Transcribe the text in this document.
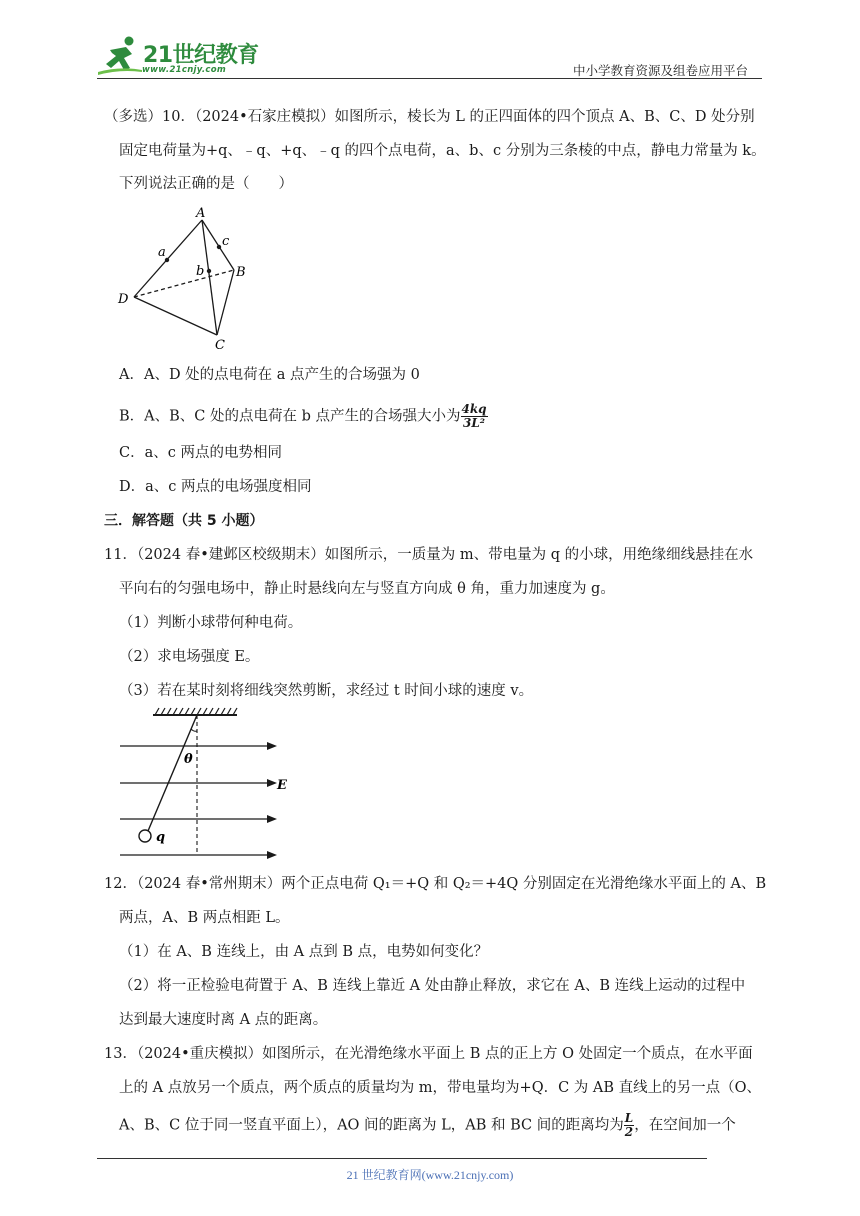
21世纪教育
www.21cnjy.com	中小学教育资源及组卷应用平台
（多选）10．（2024•石家庄模拟）如图所示，棱长为 L 的正四面体的四个顶点 A、B、C、D 处分别
固定电荷量为+q、﹣q、+q、﹣q 的四个点电荷，a、b、c 分别为三条棱的中点，静电力常量为 k。
下列说法正确的是（　　）
A
B
C
D
a
b
c
A．A、D 处的点电荷在 a 点产生的合场强为 0
B．A、B、C 处的点电荷在 b 点产生的合场强大小为 $\frac{4kq}{\text{3L²}}$
C．a、c 两点的电势相同
D．a、c 两点的电场强度相同
三．解答题（共 5 小题）
11．（2024 春•建邺区校级期末）如图所示，一质量为 m、带电量为 q 的小球，用绝缘细线悬挂在水
平向右的匀强电场中，静止时悬线向左与竖直方向成 θ 角，重力加速度为 g。
（1）判断小球带何种电荷。
（2）求电场强度 E。
（3）若在某时刻将细线突然剪断，求经过 t 时间小球的速度 v。
θ
E
q
12．（2024 春•常州期末）两个正点电荷 Q₁＝+Q 和 Q₂＝+4Q 分别固定在光滑绝缘水平面上的 A、B
两点，A、B 两点相距 L。
（1）在 A、B 连线上，由 A 点到 B 点，电势如何变化？
（2）将一正检验电荷置于 A、B 连线上靠近 A 处由静止释放，求它在 A、B 连线上运动的过程中
达到最大速度时离 A 点的距离。
13．（2024•重庆模拟）如图所示，在光滑绝缘水平面上 B 点的正上方 O 处固定一个质点，在水平面
上的 A 点放另一个质点，两个质点的质量均为 m，带电量均为+Q．C 为 AB 直线上的另一点（O、
A、B、C 位于同一竖直平面上），AO 间的距离为 L，AB 和 BC 间的距离均为 $\frac{L}{2}$ ，在空间加一个
21 世纪教育网(www.21cnjy.com)
